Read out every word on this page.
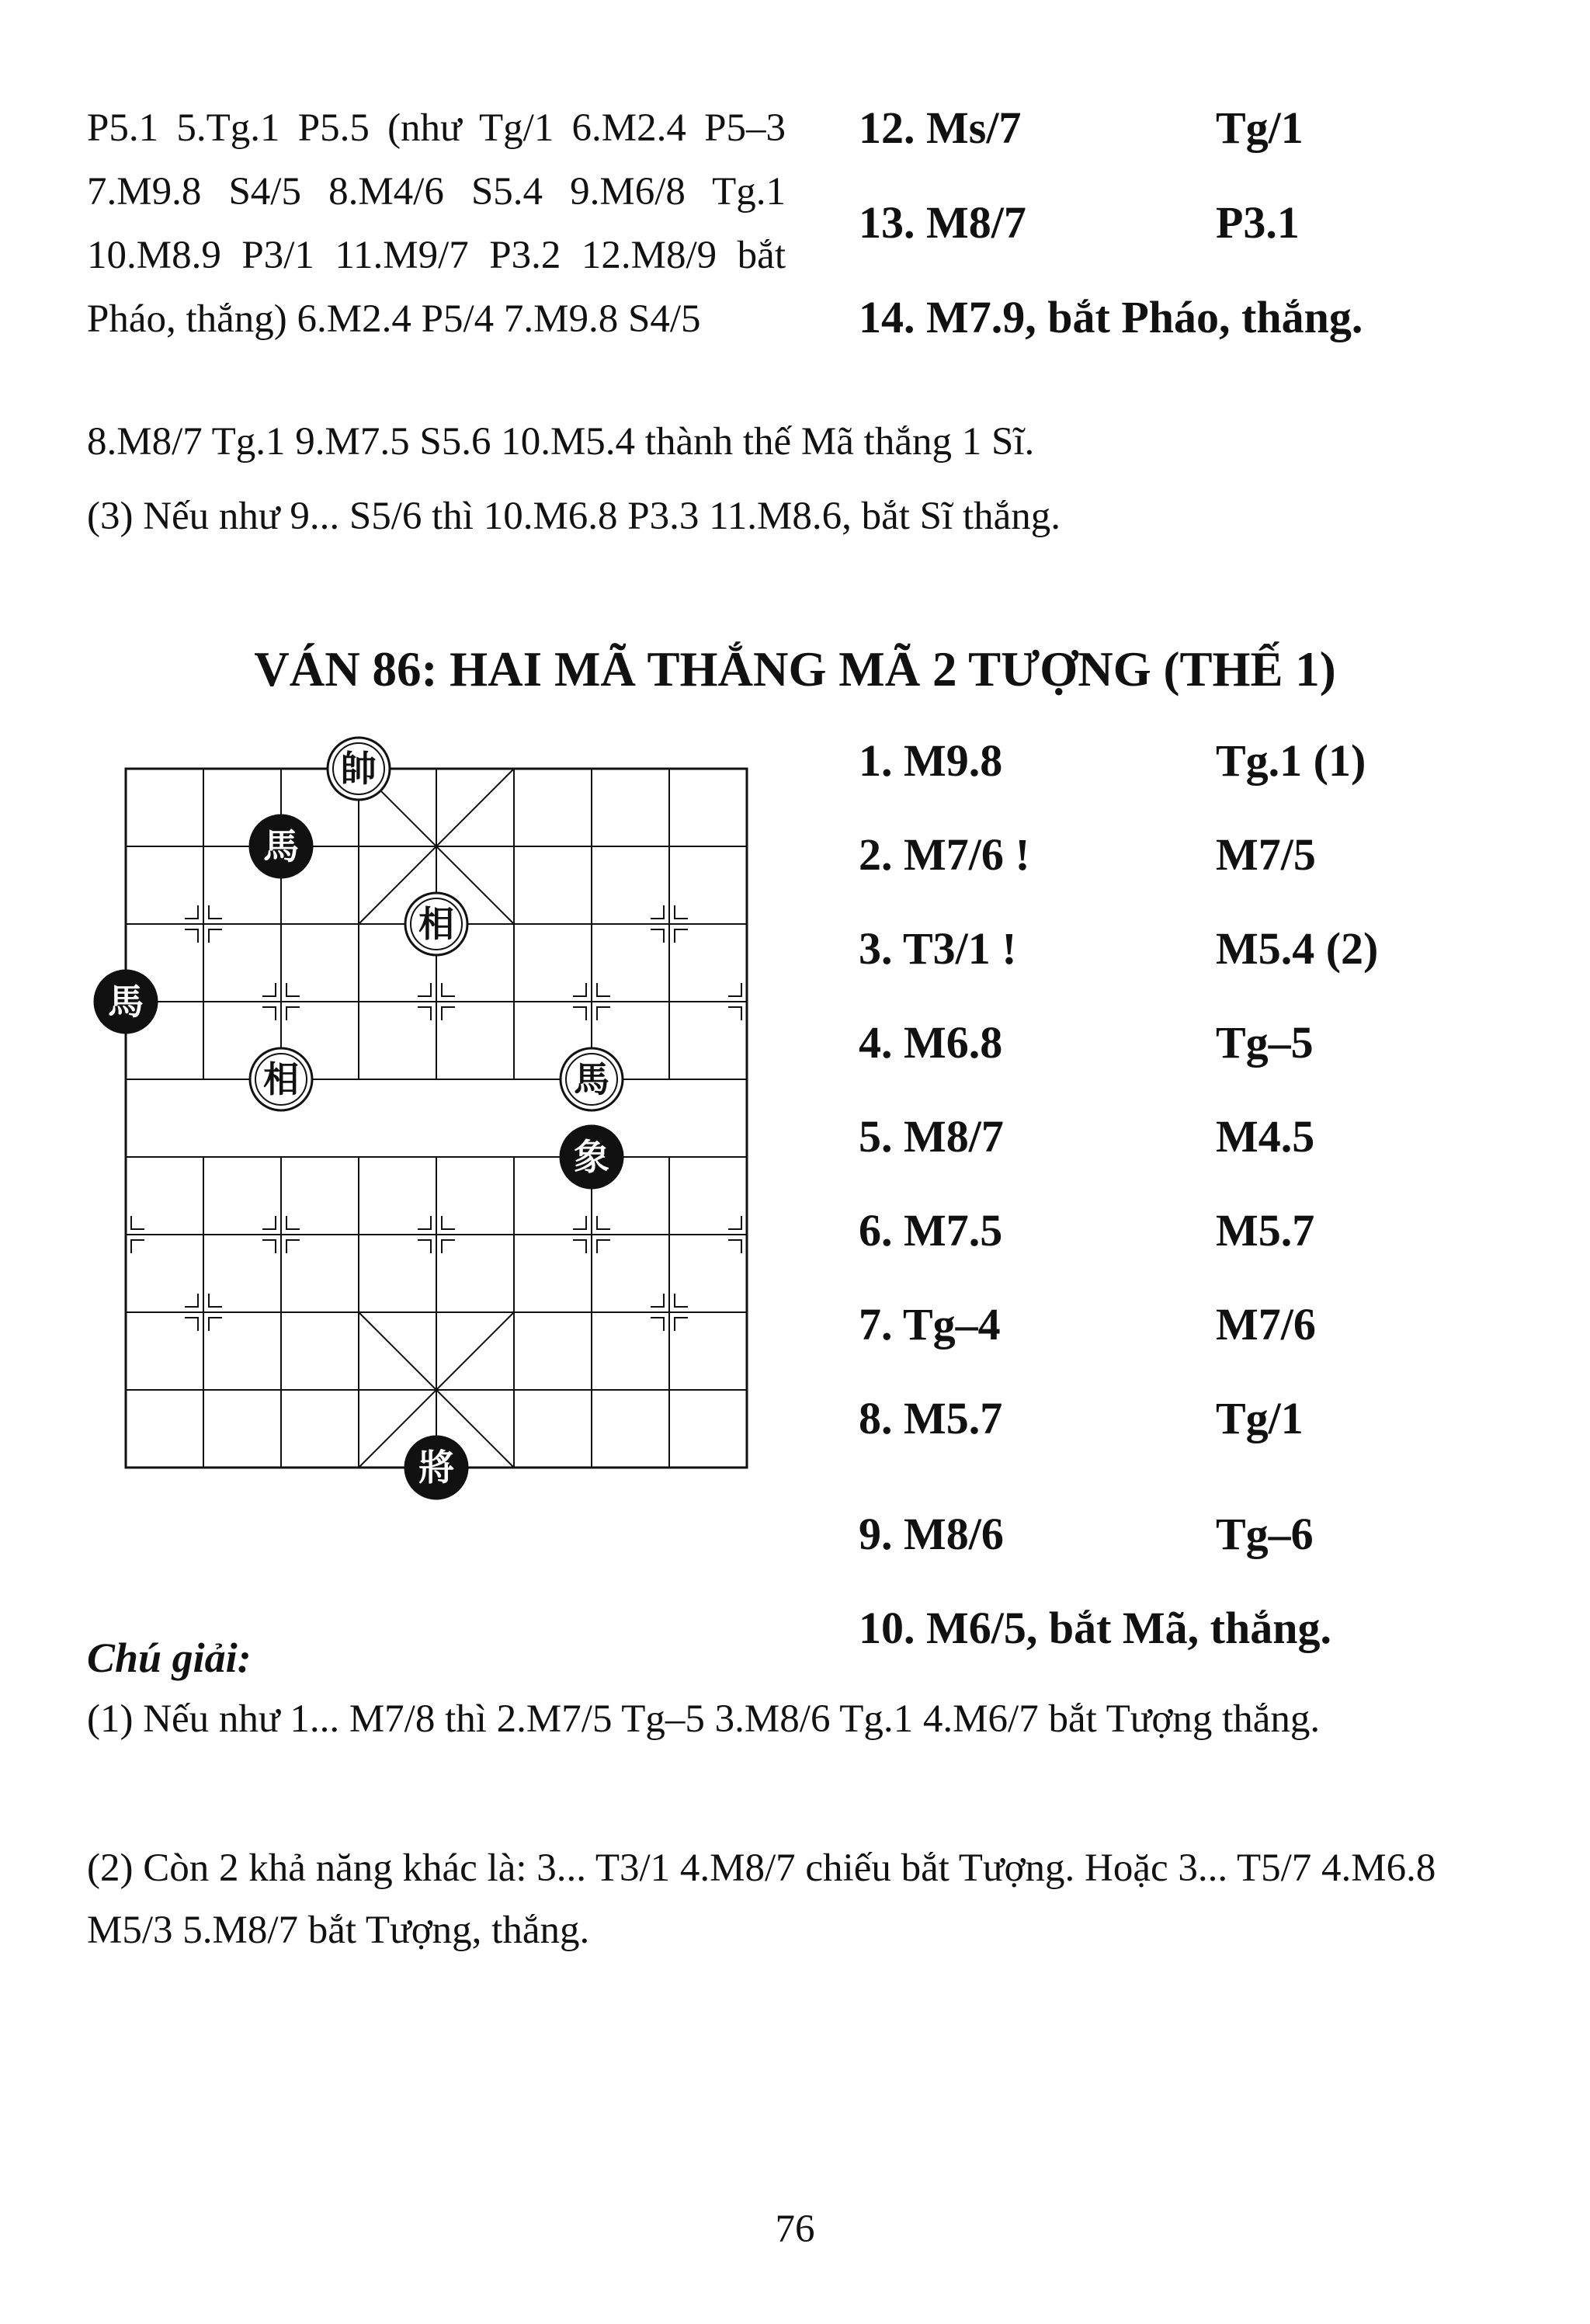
P5.1 5.Tg.1 P5.5 (như Tg/1 6.M2.4 P5–3 7.M9.8 S4/5 8.M4/6 S5.4 9.M6/8 Tg.1 10.M8.9 P3/1 11.M9/7 P3.2 12.M8/9 bắt Pháo, thắng) 6.M2.4 P5/4 7.M9.8 S4/5

12. Ms/7	Tg/1
13. M8/7	P3.1
14. M7.9, bắt Pháo, thắng.
8.M8/7 Tg.1 9.M7.5 S5.6 10.M5.4 thành thế Mã thắng 1 Sĩ.
(3) Nếu như 9... S5/6 thì 10.M6.8 P3.3 11.M8.6, bắt Sĩ thắng.
VÁN 86: HAI MÃ THẮNG MÃ 2 TƯỢNG (THẾ 1)
帥
馬
相
馬
相	馬
象
將
1. M9.8	Tg.1 (1)
2. M7/6 !	M7/5
3. T3/1 !	M5.4 (2)
4. M6.8	Tg–5
5. M8/7	M4.5
6. M7.5	M5.7
7. Tg–4	M7/6
8. M5.7	Tg/1
9. M8/6	Tg–6
10. M6/5, bắt Mã, thắng.
Chú giải:
(1) Nếu như 1... M7/8 thì 2.M7/5 Tg–5 3.M8/6 Tg.1 4.M6/7 bắt Tượng thắng.
(2) Còn 2 khả năng khác là: 3... T3/1 4.M8/7 chiếu bắt Tượng. Hoặc 3... T5/7 4.M6.8 M5/3 5.M8/7 bắt Tượng, thắng.
76
